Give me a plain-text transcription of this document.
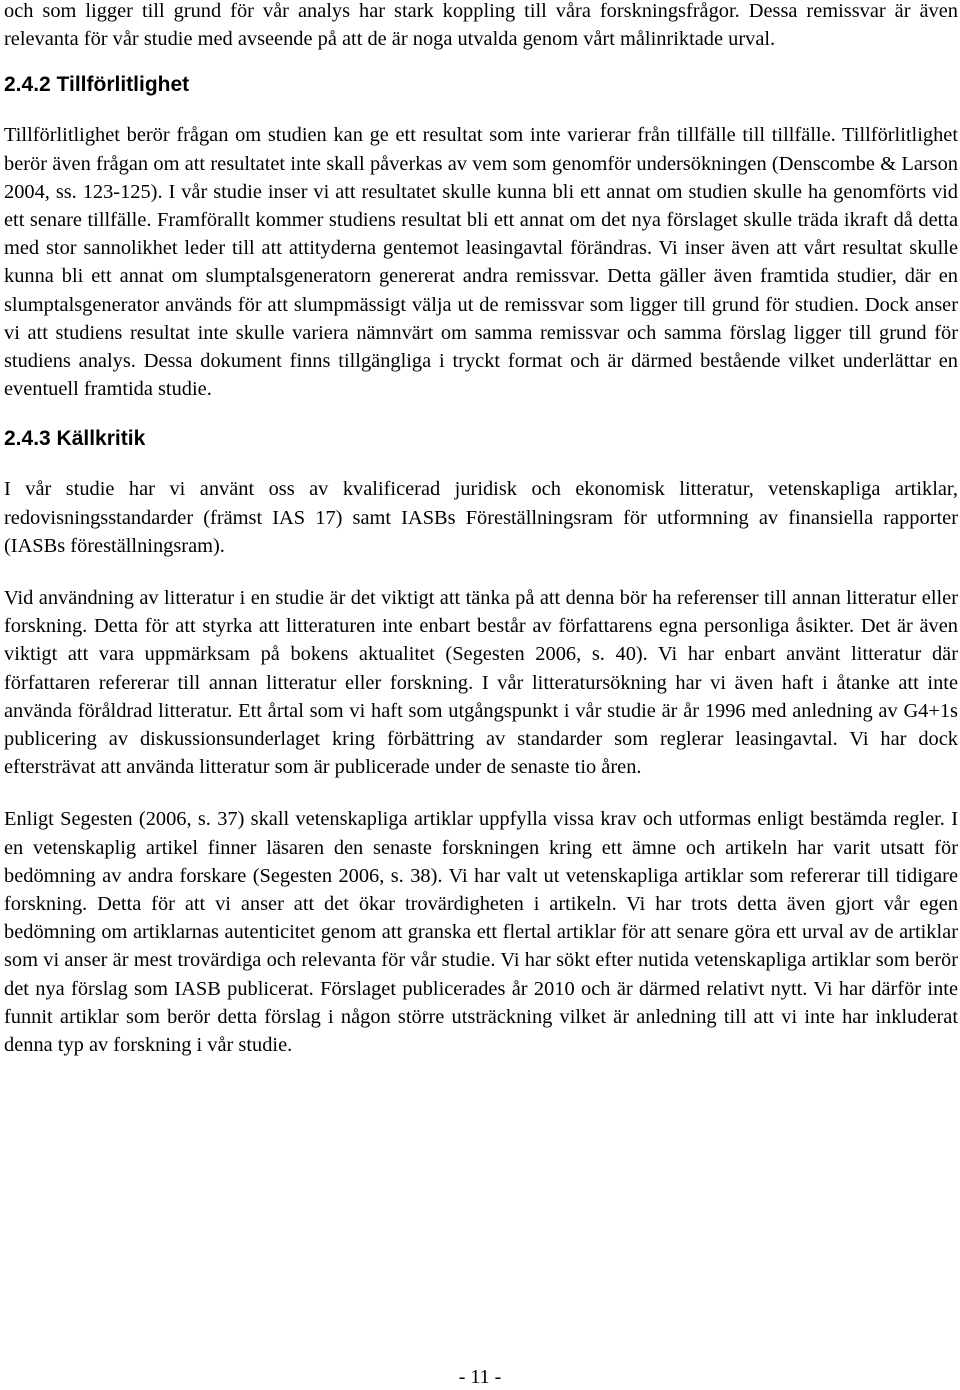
och som ligger till grund för vår analys har stark koppling till våra forskningsfrågor. Dessa remissvar är även relevanta för vår studie med avseende på att de är noga utvalda genom vårt målinriktade urval.

2.4.2 Tillförlitlighet

Tillförlitlighet berör frågan om studien kan ge ett resultat som inte varierar från tillfälle till tillfälle. Tillförlitlighet berör även frågan om att resultatet inte skall påverkas av vem som genomför undersökningen (Denscombe & Larson 2004, ss. 123-125). I vår studie inser vi att resultatet skulle kunna bli ett annat om studien skulle ha genomförts vid ett senare tillfälle. Framförallt kommer studiens resultat bli ett annat om det nya förslaget skulle träda ikraft då detta med stor sannolikhet leder till att attityderna gentemot leasingavtal förändras. Vi inser även att vårt resultat skulle kunna bli ett annat om slumptalsgeneratorn genererat andra remissvar. Detta gäller även framtida studier, där en slumptalsgenerator används för att slumpmässigt välja ut de remissvar som ligger till grund för studien. Dock anser vi att studiens resultat inte skulle variera nämnvärt om samma remissvar och samma förslag ligger till grund för studiens analys. Dessa dokument finns tillgängliga i tryckt format och är därmed bestående vilket underlättar en eventuell framtida studie.

2.4.3 Källkritik

I vår studie har vi använt oss av kvalificerad juridisk och ekonomisk litteratur, vetenskapliga artiklar, redovisningsstandarder (främst IAS 17) samt IASBs Föreställningsram för utformning av finansiella rapporter (IASBs föreställningsram).

Vid användning av litteratur i en studie är det viktigt att tänka på att denna bör ha referenser till annan litteratur eller forskning. Detta för att styrka att litteraturen inte enbart består av författarens egna personliga åsikter. Det är även viktigt att vara uppmärksam på bokens aktualitet (Segesten 2006, s. 40). Vi har enbart använt litteratur där författaren refererar till annan litteratur eller forskning. I vår litteratursökning har vi även haft i åtanke att inte använda föråldrad litteratur. Ett årtal som vi haft som utgångspunkt i vår studie är år 1996 med anledning av G4+1s publicering av diskussionsunderlaget kring förbättring av standarder som reglerar leasingavtal. Vi har dock eftersträvat att använda litteratur som är publicerade under de senaste tio åren.

Enligt Segesten (2006, s. 37) skall vetenskapliga artiklar uppfylla vissa krav och utformas enligt bestämda regler. I en vetenskaplig artikel finner läsaren den senaste forskningen kring ett ämne och artikeln har varit utsatt för bedömning av andra forskare (Segesten 2006, s. 38). Vi har valt ut vetenskapliga artiklar som refererar till tidigare forskning. Detta för att vi anser att det ökar trovärdigheten i artikeln. Vi har trots detta även gjort vår egen bedömning om artiklarnas autenticitet genom att granska ett flertal artiklar för att senare göra ett urval av de artiklar som vi anser är mest trovärdiga och relevanta för vår studie. Vi har sökt efter nutida vetenskapliga artiklar som berör det nya förslag som IASB publicerat. Förslaget publicerades år 2010 och är därmed relativt nytt. Vi har därför inte funnit artiklar som berör detta förslag i någon större utsträckning vilket är anledning till att vi inte har inkluderat denna typ av forskning i vår studie.

- 11 -
